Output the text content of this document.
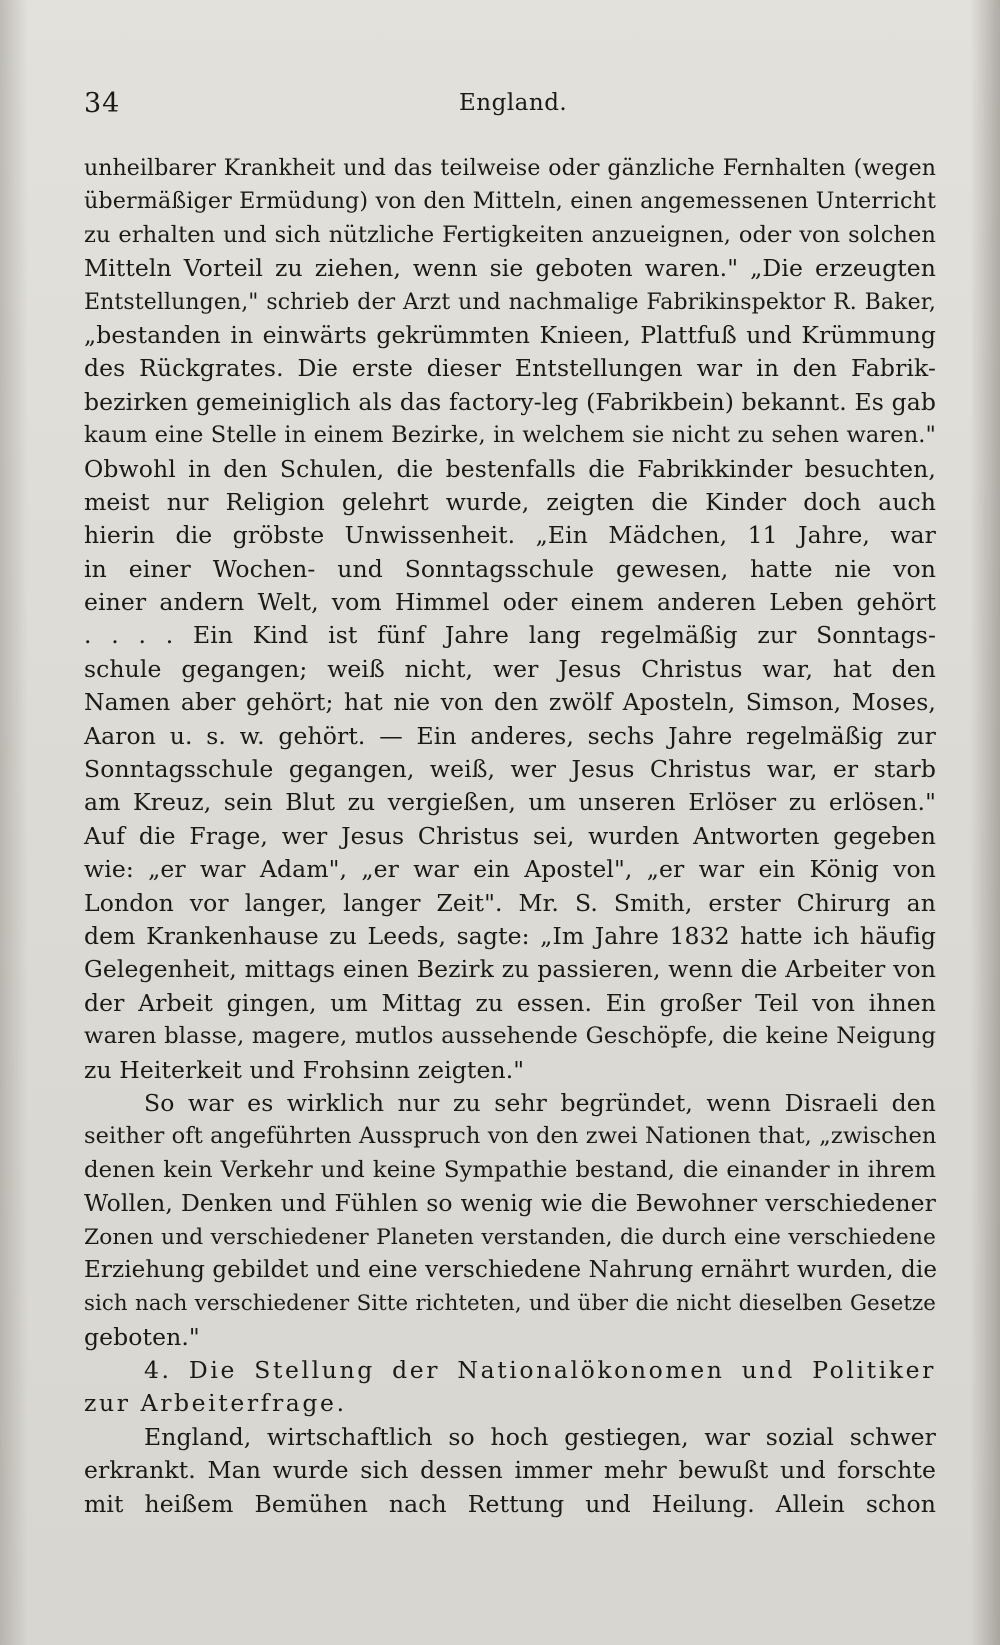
34	England.
unheilbarer Krankheit und das teilweise oder gänzliche Fernhalten (wegen
übermäßiger Ermüdung) von den Mitteln, einen angemessenen Unterricht
zu erhalten und sich nützliche Fertigkeiten anzueignen, oder von solchen
Mitteln Vorteil zu ziehen, wenn sie geboten waren." „Die erzeugten
Entstellungen," schrieb der Arzt und nachmalige Fabrikinspektor R. Baker,
„bestanden in einwärts gekrümmten Knieen, Plattfuß und Krümmung
des Rückgrates. Die erste dieser Entstellungen war in den Fabrik-
bezirken gemeiniglich als das factory-leg (Fabrikbein) bekannt. Es gab
kaum eine Stelle in einem Bezirke, in welchem sie nicht zu sehen waren."
Obwohl in den Schulen, die bestenfalls die Fabrikkinder besuchten,
meist nur Religion gelehrt wurde, zeigten die Kinder doch auch
hierin die gröbste Unwissenheit. „Ein Mädchen, 11 Jahre, war
in einer Wochen- und Sonntagsschule gewesen, hatte nie von
einer andern Welt, vom Himmel oder einem anderen Leben gehört
. . . . Ein Kind ist fünf Jahre lang regelmäßig zur Sonntags-
schule gegangen; weiß nicht, wer Jesus Christus war, hat den
Namen aber gehört; hat nie von den zwölf Aposteln, Simson, Moses,
Aaron u. s. w. gehört. — Ein anderes, sechs Jahre regelmäßig zur
Sonntagsschule gegangen, weiß, wer Jesus Christus war, er starb
am Kreuz, sein Blut zu vergießen, um unseren Erlöser zu erlösen."
Auf die Frage, wer Jesus Christus sei, wurden Antworten gegeben
wie: „er war Adam", „er war ein Apostel", „er war ein König von
London vor langer, langer Zeit". Mr. S. Smith, erster Chirurg an
dem Krankenhause zu Leeds, sagte: „Im Jahre 1832 hatte ich häufig
Gelegenheit, mittags einen Bezirk zu passieren, wenn die Arbeiter von
der Arbeit gingen, um Mittag zu essen. Ein großer Teil von ihnen
waren blasse, magere, mutlos aussehende Geschöpfe, die keine Neigung
zu Heiterkeit und Frohsinn zeigten."
So war es wirklich nur zu sehr begründet, wenn Disraeli den
seither oft angeführten Ausspruch von den zwei Nationen that, „zwischen
denen kein Verkehr und keine Sympathie bestand, die einander in ihrem
Wollen, Denken und Fühlen so wenig wie die Bewohner verschiedener
Zonen und verschiedener Planeten verstanden, die durch eine verschiedene
Erziehung gebildet und eine verschiedene Nahrung ernährt wurden, die
sich nach verschiedener Sitte richteten, und über die nicht dieselben Gesetze
geboten."
4. Die Stellung der Nationalökonomen und Politiker
zur Arbeiterfrage.
England, wirtschaftlich so hoch gestiegen, war sozial schwer
erkrankt. Man wurde sich dessen immer mehr bewußt und forschte
mit heißem Bemühen nach Rettung und Heilung. Allein schon
